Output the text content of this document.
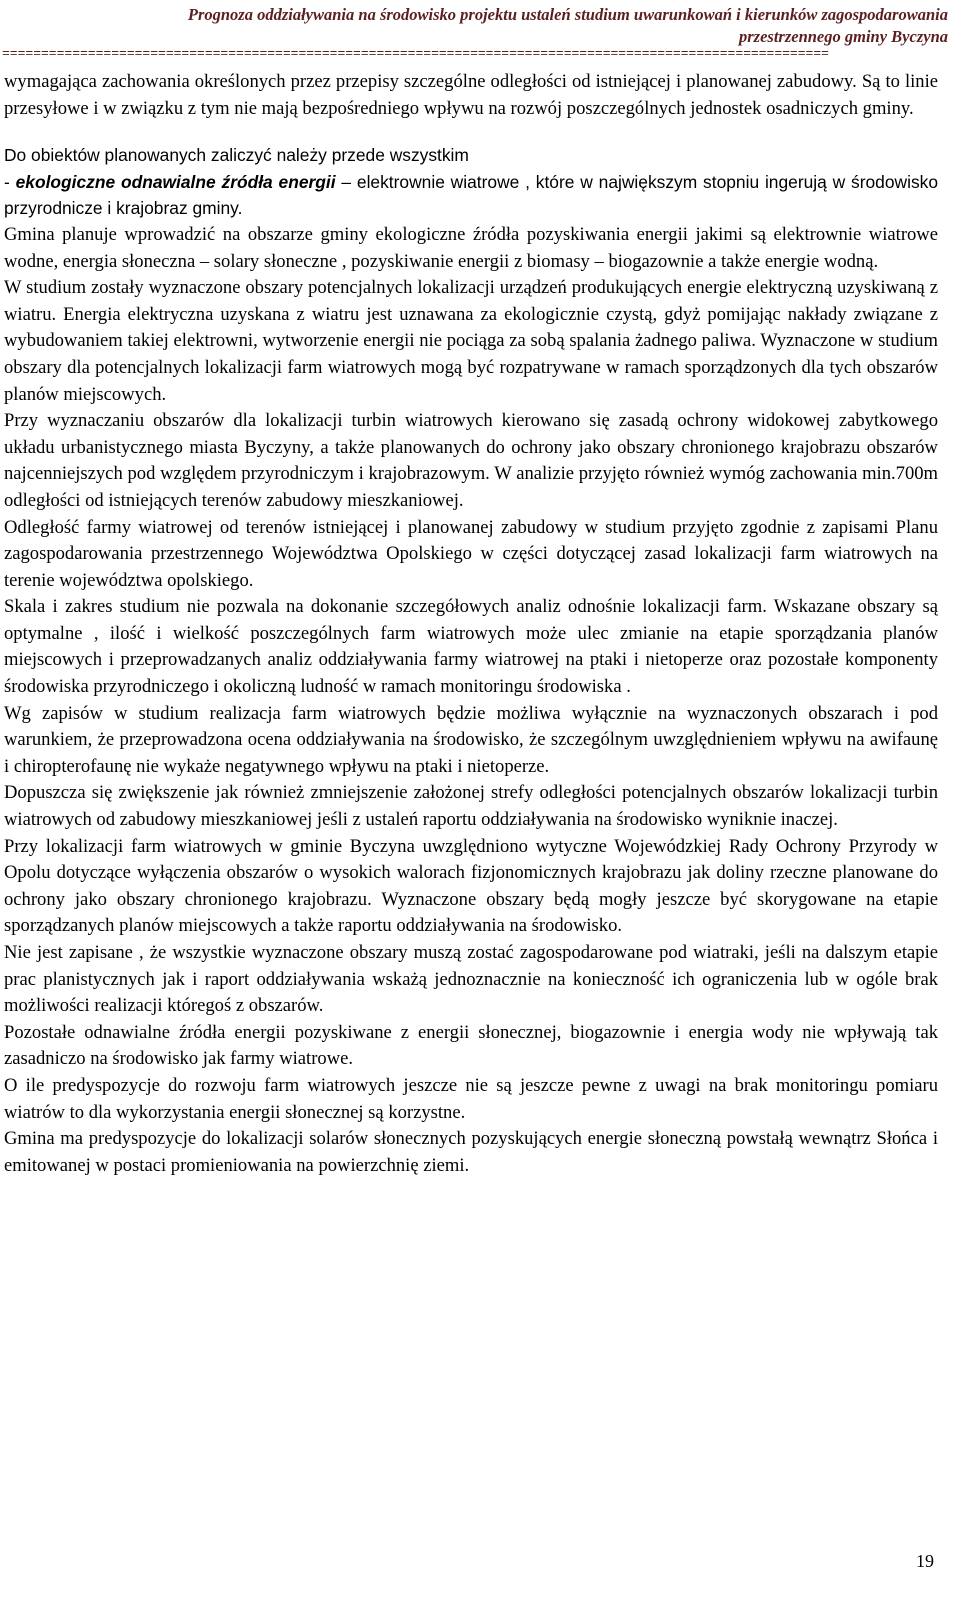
Prognoza oddziaływania na środowisko projektu ustaleń studium uwarunkowań i kierunków zagospodarowania
przestrzennego gminy Byczyna
==========================================================================================================

wymagająca zachowania określonych przez przepisy szczególne odległości od istniejącej i planowanej zabudowy. Są to linie przesyłowe i w związku z tym nie mają bezpośredniego wpływu na rozwój poszczególnych jednostek osadniczych gminy.

Do obiektów planowanych zaliczyć należy przede wszystkim

- ekologiczne odnawialne źródła energii – elektrownie wiatrowe , które w największym stopniu ingerują w środowisko przyrodnicze i krajobraz gminy.

Gmina planuje wprowadzić na obszarze gminy ekologiczne źródła pozyskiwania energii jakimi są elektrownie wiatrowe wodne, energia słoneczna – solary słoneczne , pozyskiwanie energii z biomasy – biogazownie a także energie wodną.

W studium zostały wyznaczone obszary potencjalnych lokalizacji urządzeń produkujących energie elektryczną uzyskiwaną z wiatru. Energia elektryczna uzyskana z wiatru jest uznawana za ekologicznie czystą, gdyż pomijając nakłady związane z wybudowaniem takiej elektrowni, wytworzenie energii nie pociąga za sobą spalania żadnego paliwa. Wyznaczone w studium obszary dla potencjalnych lokalizacji farm wiatrowych mogą być rozpatrywane w ramach sporządzonych dla tych obszarów planów miejscowych.

Przy wyznaczaniu obszarów dla lokalizacji turbin wiatrowych kierowano się zasadą ochrony widokowej zabytkowego układu urbanistycznego miasta Byczyny, a także planowanych do ochrony jako obszary chronionego krajobrazu obszarów najcenniejszych pod względem przyrodniczym i krajobrazowym. W analizie przyjęto również wymóg zachowania min.700m odległości od istniejących terenów zabudowy mieszkaniowej.

Odległość farmy wiatrowej od terenów istniejącej i planowanej zabudowy w studium przyjęto zgodnie z zapisami Planu zagospodarowania przestrzennego Województwa Opolskiego w części dotyczącej zasad lokalizacji farm wiatrowych na terenie województwa opolskiego.

Skala i zakres studium nie pozwala na dokonanie szczegółowych analiz odnośnie lokalizacji farm. Wskazane obszary są optymalne , ilość i wielkość poszczególnych farm wiatrowych może ulec zmianie na etapie sporządzania planów miejscowych i przeprowadzanych analiz oddziaływania farmy wiatrowej na ptaki i nietoperze oraz pozostałe komponenty środowiska przyrodniczego i okoliczną ludność w ramach monitoringu środowiska .

Wg zapisów w studium realizacja farm wiatrowych będzie możliwa wyłącznie na wyznaczonych obszarach i pod warunkiem, że przeprowadzona ocena oddziaływania na środowisko, że szczególnym uwzględnieniem wpływu na awifaunę i chiropterofaunę nie wykaże negatywnego wpływu na ptaki i nietoperze.

Dopuszcza się zwiększenie jak również zmniejszenie założonej strefy odległości potencjalnych obszarów lokalizacji turbin wiatrowych od zabudowy mieszkaniowej jeśli z ustaleń raportu oddziaływania na środowisko wyniknie inaczej.

Przy lokalizacji farm wiatrowych w gminie Byczyna uwzględniono wytyczne Wojewódzkiej Rady Ochrony Przyrody w Opolu dotyczące wyłączenia obszarów o wysokich walorach fizjonomicznych krajobrazu jak doliny rzeczne planowane do ochrony jako obszary chronionego krajobrazu. Wyznaczone obszary będą mogły jeszcze być skorygowane na etapie sporządzanych planów miejscowych a także raportu oddziaływania na środowisko.

Nie jest zapisane , że wszystkie wyznaczone obszary muszą zostać zagospodarowane pod wiatraki, jeśli na dalszym etapie prac planistycznych jak i raport oddziaływania wskażą jednoznacznie na konieczność ich ograniczenia lub w ogóle brak możliwości realizacji któregoś z obszarów.

Pozostałe odnawialne źródła energii pozyskiwane z energii słonecznej, biogazownie i energia wody nie wpływają tak zasadniczo na środowisko jak farmy wiatrowe.

O ile predyspozycje do rozwoju farm wiatrowych jeszcze nie są jeszcze pewne z uwagi na brak monitoringu pomiaru wiatrów to dla wykorzystania energii słonecznej są korzystne.

Gmina ma predyspozycje do lokalizacji solarów słonecznych pozyskujących energie słoneczną powstałą wewnątrz Słońca i emitowanej w postaci promieniowania na powierzchnię ziemi.

19
